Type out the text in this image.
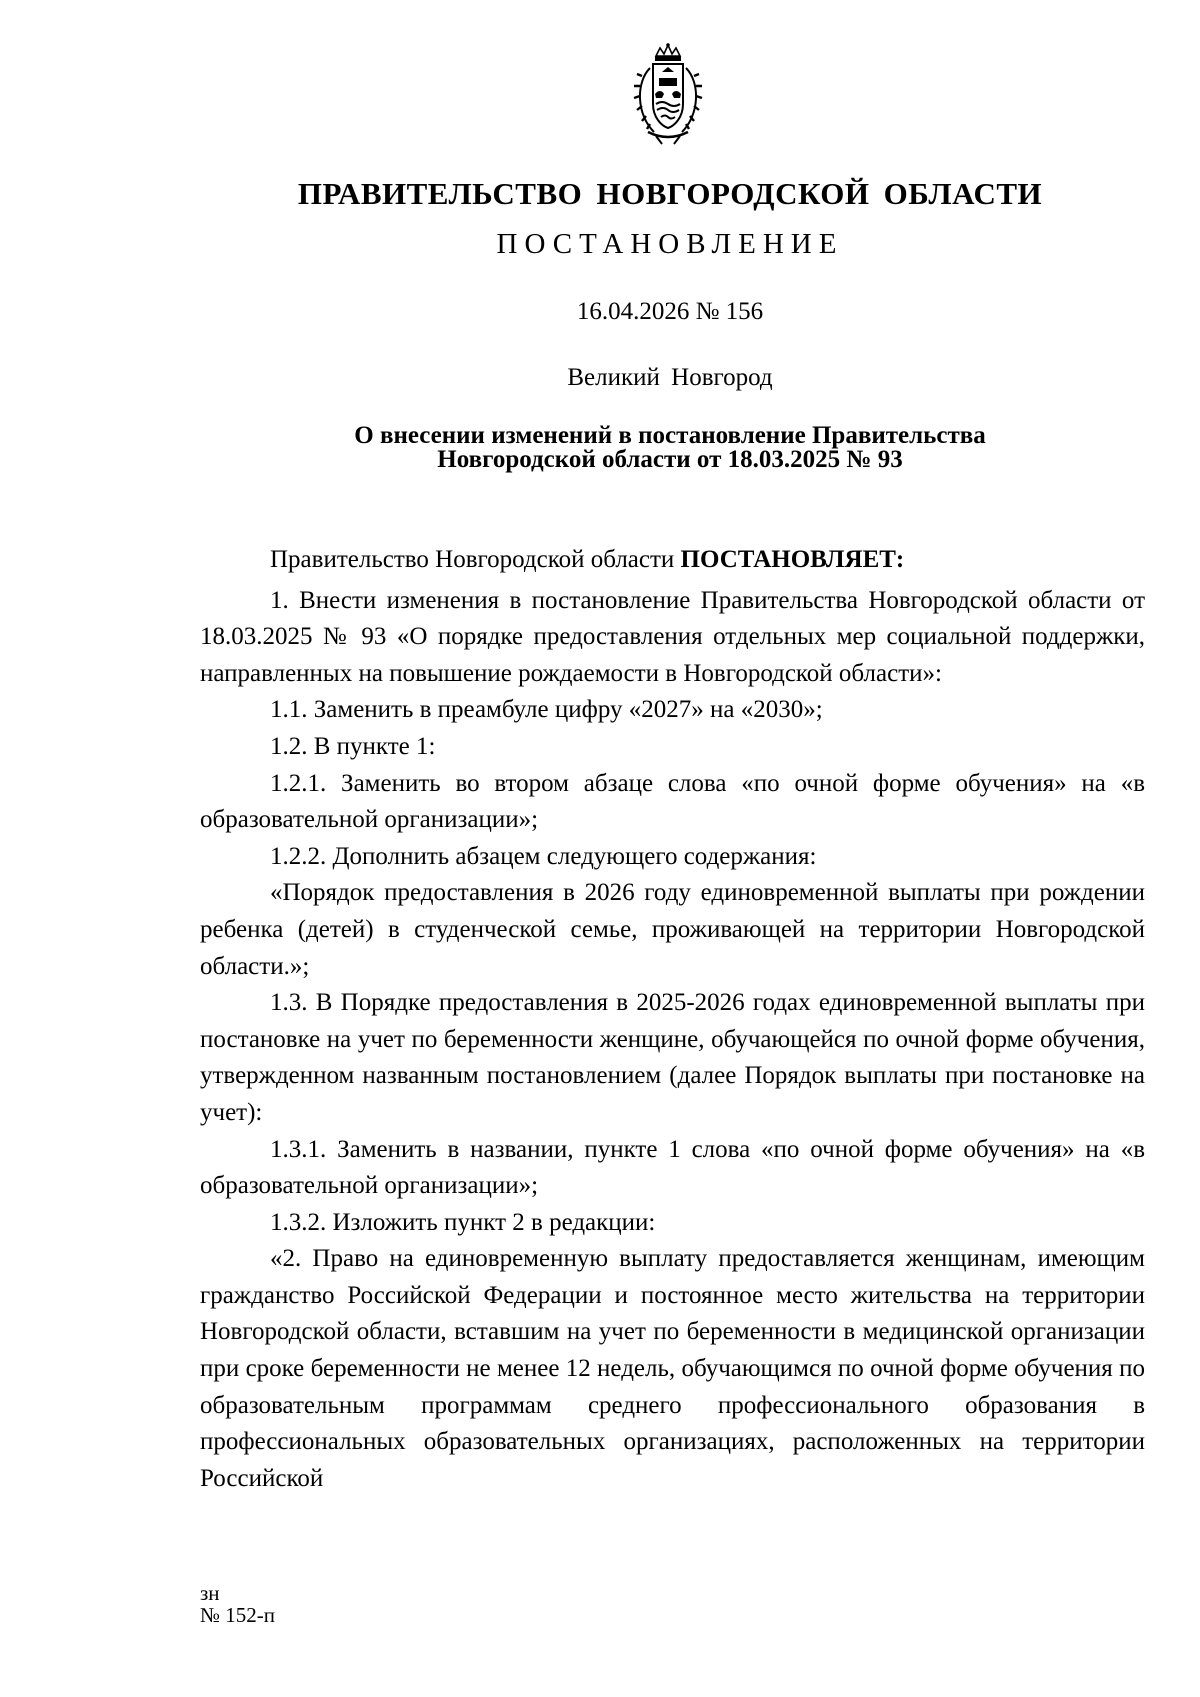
ПРАВИТЕЛЬСТВО НОВГОРОДСКОЙ ОБЛАСТИ
ПОСТАНОВЛЕНИЕ
16.04.2026 № 156
Великий Новгород
О внесении изменений в постановление Правительства
Новгородской области от 18.03.2025 № 93

Правительство Новгородской области ПОСТАНОВЛЯЕТ:

1. Внести изменения в постановление Правительства Новгородской области от 18.03.2025 № 93 «О порядке предоставления отдельных мер социальной поддержки, направленных на повышение рождаемости в Новгородской области»:

1.1. Заменить в преамбуле цифру «2027» на «2030»;

1.2. В пункте 1:

1.2.1. Заменить во втором абзаце слова «по очной форме обучения» на «в образовательной организации»;

1.2.2. Дополнить абзацем следующего содержания:

«Порядок предоставления в 2026 году единовременной выплаты при рождении ребенка (детей) в студенческой семье, проживающей на территории Новгородской области.»;

1.3. В Порядке предоставления в 2025-2026 годах единовременной выплаты при постановке на учет по беременности женщине, обучающейся по очной форме обучения, утвержденном названным постановлением (далее Порядок выплаты при постановке на учет):

1.3.1. Заменить в названии, пункте 1 слова «по очной форме обучения» на «в образовательной организации»;

1.3.2. Изложить пункт 2 в редакции:

«2. Право на единовременную выплату предоставляется женщинам, имеющим гражданство Российской Федерации и постоянное место жительства на территории Новгородской области, вставшим на учет по беременности в медицинской организации при сроке беременности не менее 12 недель, обучающимся по очной форме обучения по образовательным программам среднего профессионального образования в профессиональных образовательных организациях, расположенных на территории Российской

зн
№ 152-п
